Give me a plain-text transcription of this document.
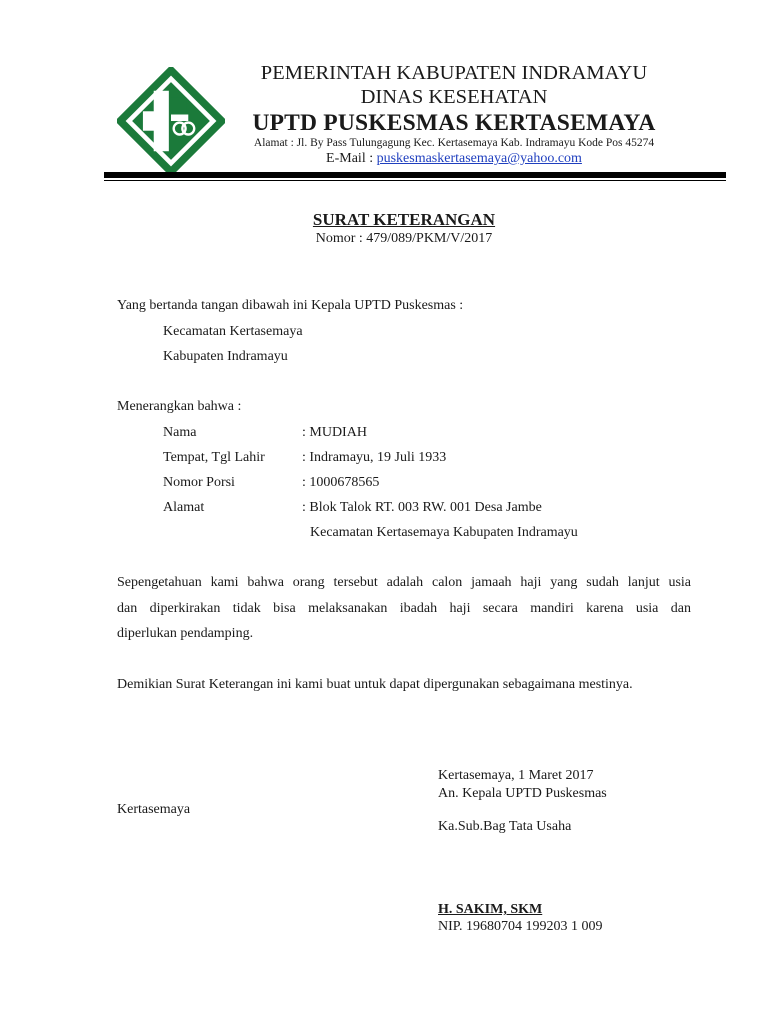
PEMERINTAH KABUPATEN INDRAMAYU
DINAS KESEHATAN
UPTD PUSKESMAS KERTASEMAYA
Alamat : Jl. By Pass Tulungagung Kec. Kertasemaya Kab. Indramayu Kode Pos 45274
E-Mail : puskesmaskertasemaya@yahoo.com
SURAT KETERANGAN
Nomor : 479/089/PKM/V/2017
Yang bertanda tangan dibawah ini Kepala UPTD Puskesmas :
Kecamatan Kertasemaya
Kabupaten Indramayu
Menerangkan bahwa :
Nama	: MUDIAH
Tempat, Tgl Lahir	: Indramayu, 19 Juli 1933
Nomor Porsi	: 1000678565
Alamat	: Blok Talok RT. 003 RW. 001 Desa Jambe
Kecamatan Kertasemaya Kabupaten Indramayu
Sepengetahuan kami bahwa orang tersebut adalah calon jamaah haji yang sudah lanjut usia
dan diperkirakan tidak bisa melaksanakan ibadah haji secara mandiri karena usia dan
diperlukan pendamping.
Demikian Surat Keterangan ini kami buat untuk dapat dipergunakan sebagaimana mestinya.
Kertasemaya, 1 Maret 2017
An. Kepala UPTD Puskesmas
Kertasemaya
Ka.Sub.Bag Tata Usaha
H. SAKIM, SKM
NIP. 19680704 199203 1 009
